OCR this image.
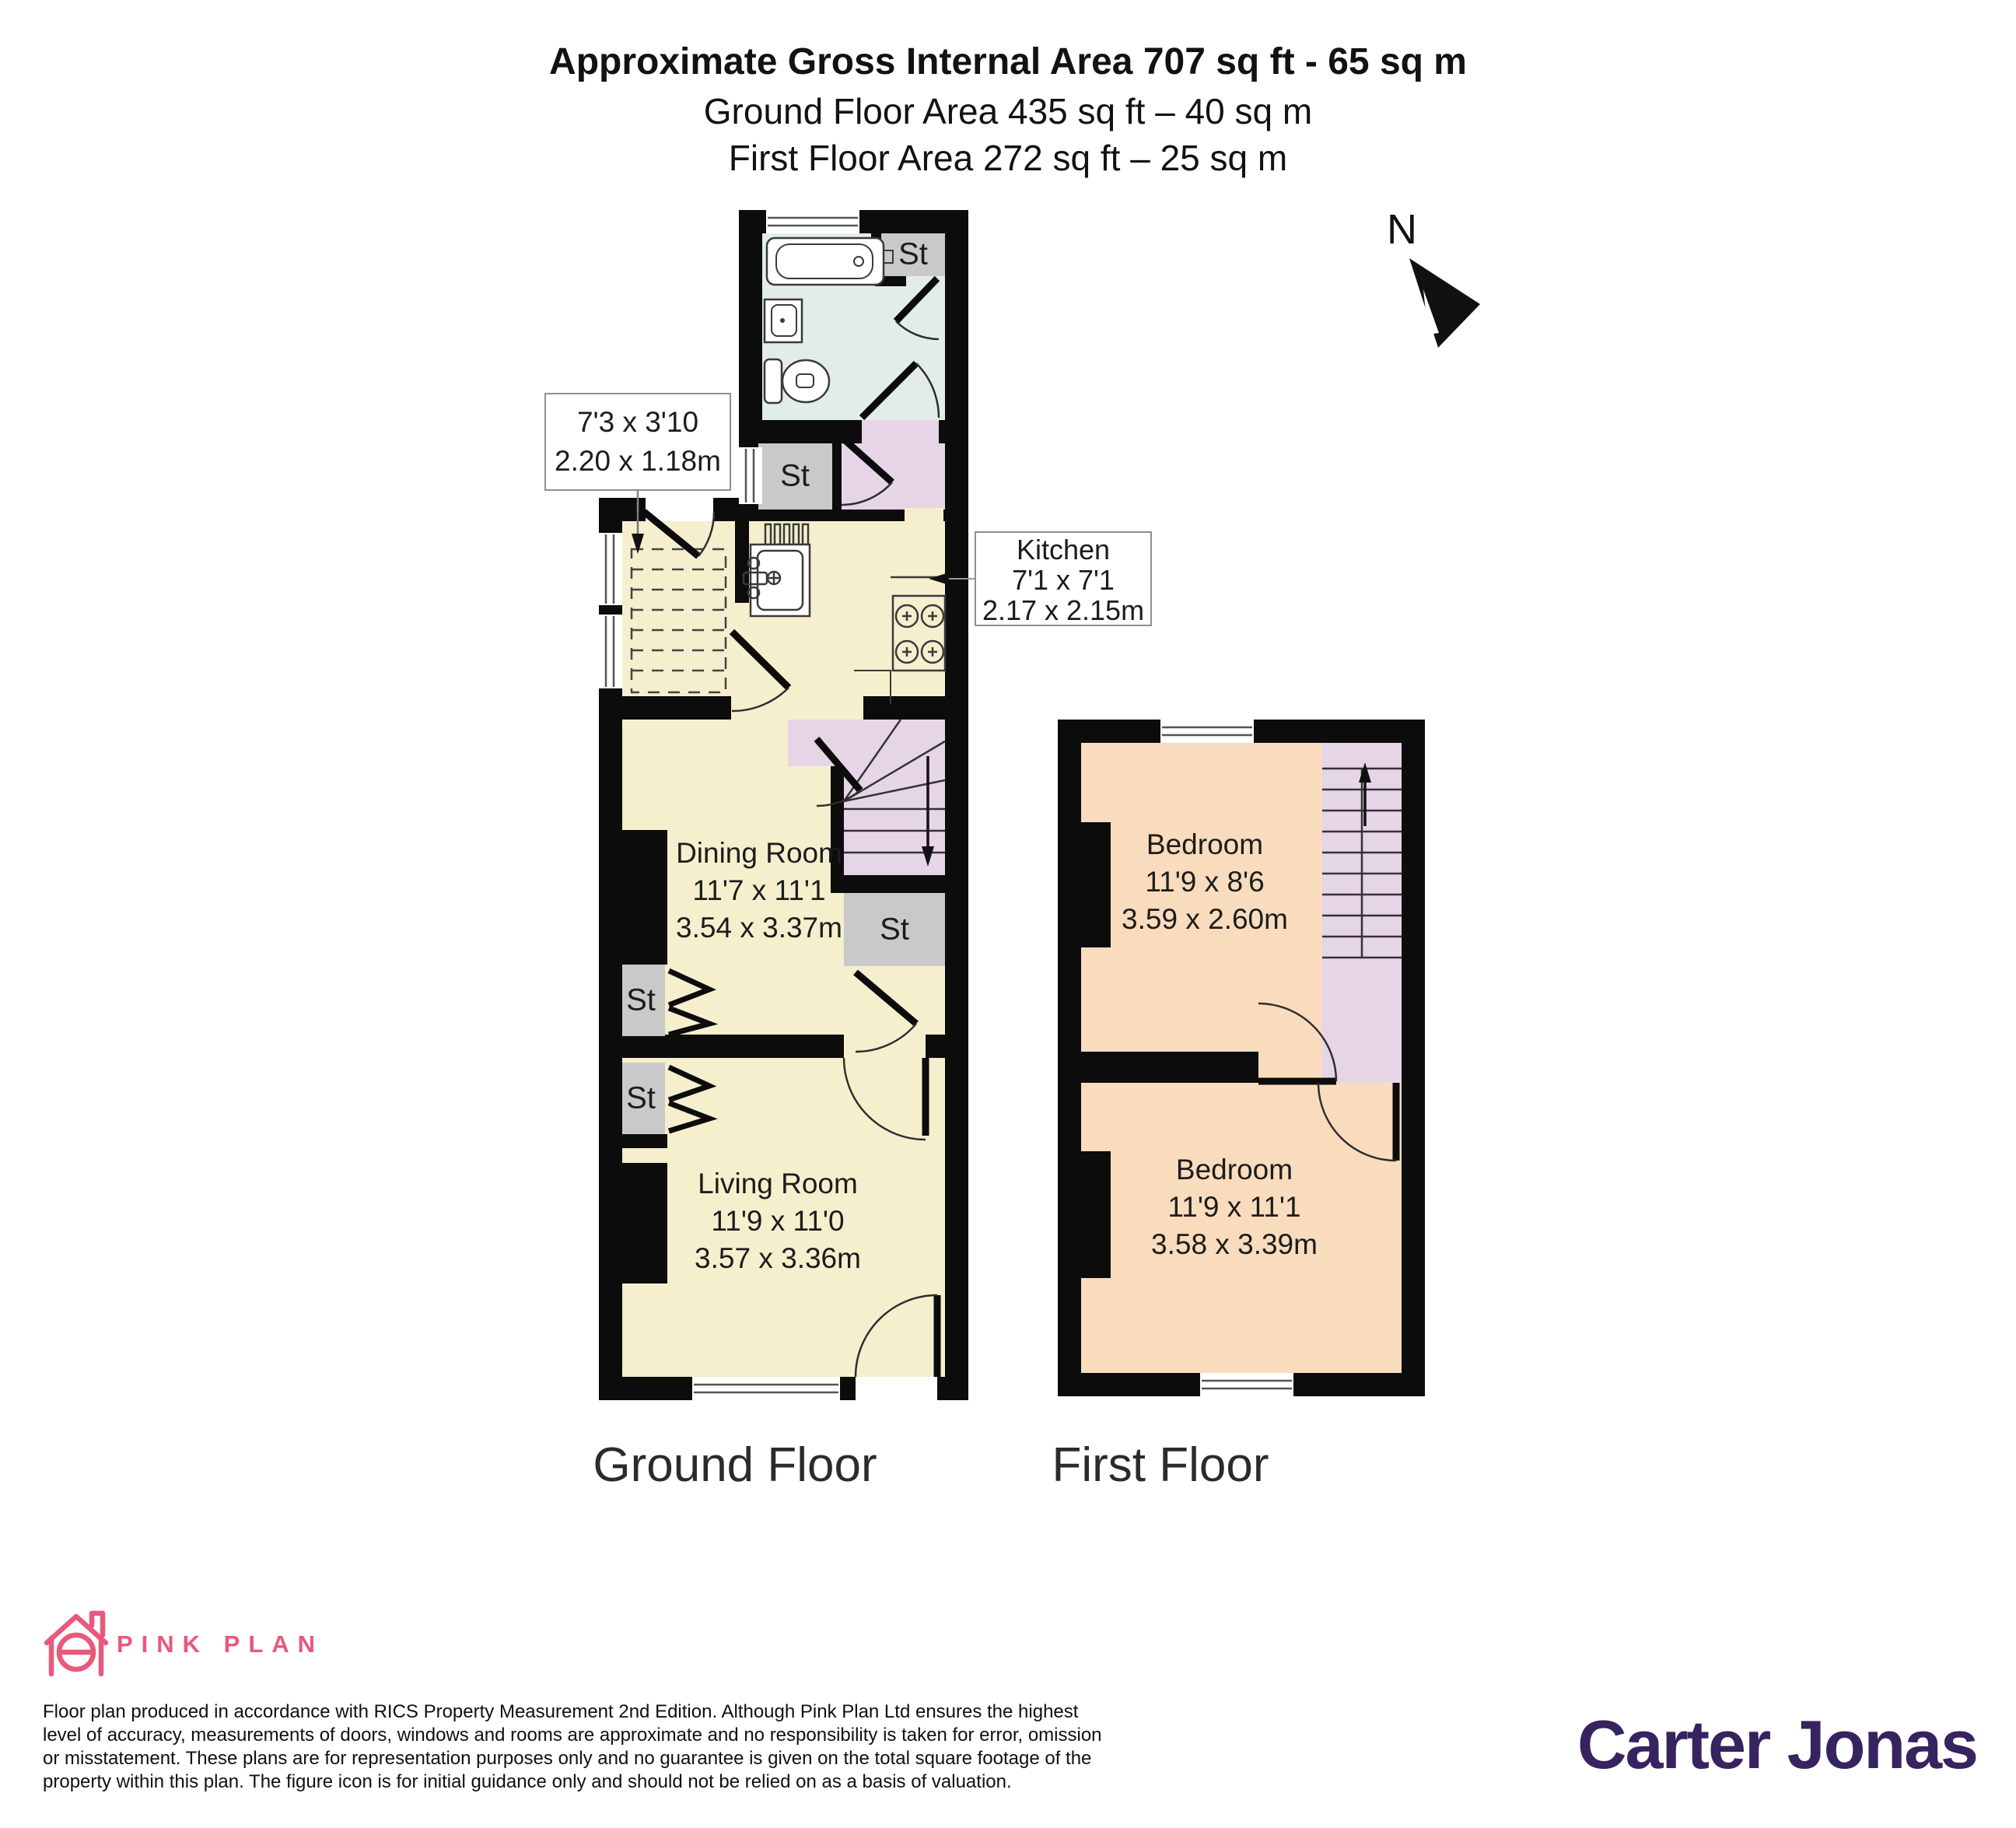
Approximate Gross Internal Area 707 sq ft - 65 sq m
Ground Floor Area 435 sq ft – 40 sq m
First Floor Area 272 sq ft – 25 sq m
N
7'3 x 3'10
2.20 x 1.18m
Kitchen
7'1 x 7'1
2.17 x 2.15m
Dining Room
11'7 x 11'1
3.54 x 3.37m
Living Room
11'9 x 11'0
3.57 x 3.36m
Bedroom
11'9 x 8'6
3.59 x 2.60m
Bedroom
11'9 x 11'1
3.58 x 3.39m
St
St
St
St
St
Ground Floor	First Floor
PINK PLAN
Floor plan produced in accordance with RICS Property Measurement 2nd Edition. Although Pink Plan Ltd ensures the highest
level of accuracy, measurements of doors, windows and rooms are approximate and no responsibility is taken for error, omission
or misstatement. These plans are for representation purposes only and no guarantee is given on the total square footage of the
property within this plan. The figure icon is for initial guidance only and should not be relied on as a basis of valuation.	Carter Jonas
